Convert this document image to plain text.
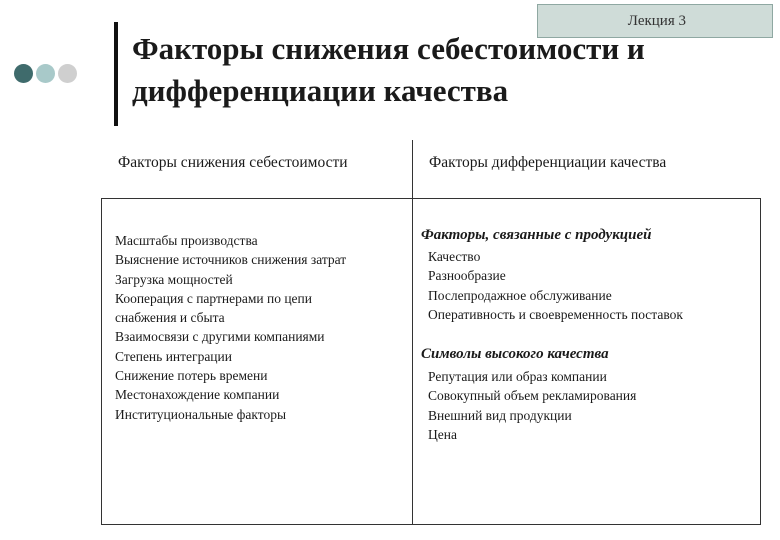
Лекция 3
Факторы снижения себестоимости и дифференциации качества
Факторы снижения себестоимости	Факторы дифференциации качества
Масштабы производства
Выяснение источников снижения затрат
Загрузка мощностей
Кооперация с партнерами по цепи
снабжения и сбыта
Взаимосвязи с другими компаниями
Степень интеграции
Снижение потерь времени
Местонахождение компании
Институциональные факторы
Факторы, связанные с продукцией
Качество
Разнообразие
Послепродажное обслуживание
Оперативность и своевременность поставок
Символы высокого качества
Репутация или образ компании
Совокупный объем рекламирования
Внешний вид продукции
Цена
